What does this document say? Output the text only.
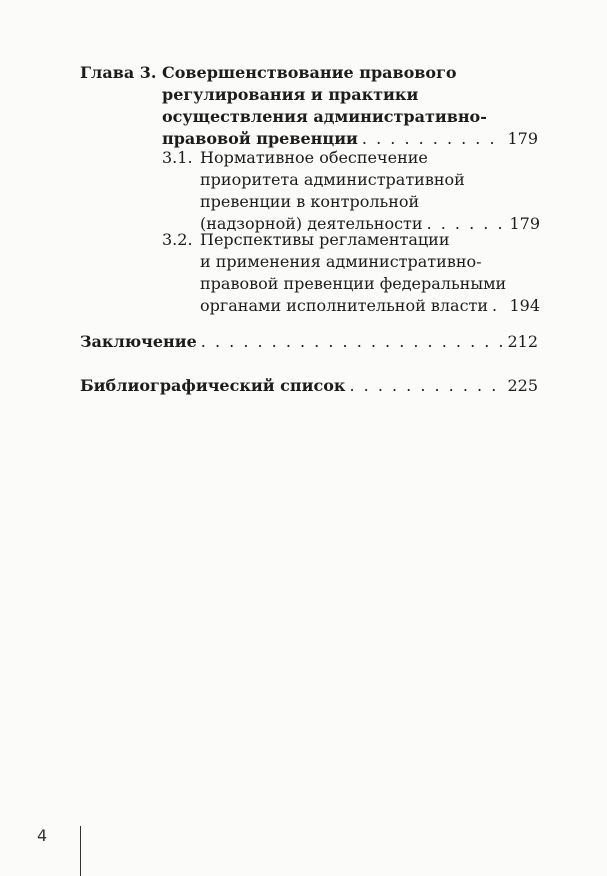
Глава 3. Совершенствование правового
регулирования и практики
осуществления административно-
правовой превенции . . .	179
3.1. Нормативное обеспечение
приоритета административной
превенции в контрольной
(надзорной) деятельности . . .	179
3.2. Перспективы регламентации
и применения административно-
правовой превенции федеральными
органами исполнительной власти . . . 194
Заключение . . .	212
Библиографический список . . .	225
4
